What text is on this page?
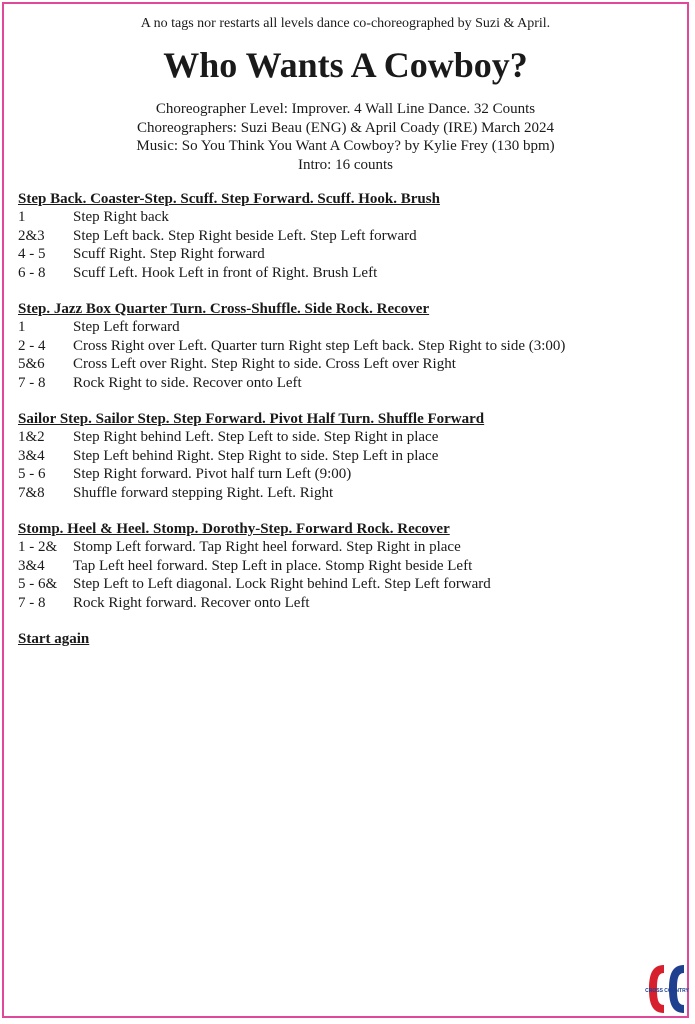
A no tags nor restarts all levels dance co-choreographed by Suzi & April.
Who Wants A Cowboy?
Choreographer Level: Improver. 4 Wall Line Dance. 32 Counts
Choreographers: Suzi Beau (ENG) & April Coady (IRE) March 2024
Music: So You Think You Want A Cowboy? by Kylie Frey (130 bpm)
Intro: 16 counts
Step Back. Coaster-Step. Scuff. Step Forward. Scuff. Hook. Brush
1	Step Right back
2&3	Step Left back. Step Right beside Left. Step Left forward
4 - 5	Scuff Right. Step Right forward
6 - 8	Scuff Left. Hook Left in front of Right. Brush Left
Step. Jazz Box Quarter Turn. Cross-Shuffle. Side Rock. Recover
1	Step Left forward
2 - 4	Cross Right over Left. Quarter turn Right step Left back. Step Right to side (3:00)
5&6	Cross Left over Right. Step Right to side. Cross Left over Right
7 - 8	Rock Right to side. Recover onto Left
Sailor Step. Sailor Step. Step Forward. Pivot Half Turn. Shuffle Forward
1&2	Step Right behind Left. Step Left to side. Step Right in place
3&4	Step Left behind Right. Step Right to side. Step Left in place
5 - 6	Step Right forward. Pivot half turn Left (9:00)
7&8	Shuffle forward stepping Right. Left. Right
Stomp. Heel & Heel. Stomp. Dorothy-Step. Forward Rock. Recover
1 - 2&	Stomp Left forward. Tap Right heel forward. Step Right in place
3&4	Tap Left heel forward. Step Left in place. Stomp Right beside Left
5 - 6&	Step Left to Left diagonal. Lock Right behind Left. Step Left forward
7 - 8	Rock Right forward. Recover onto Left
Start again
CROSS COUNTRY
